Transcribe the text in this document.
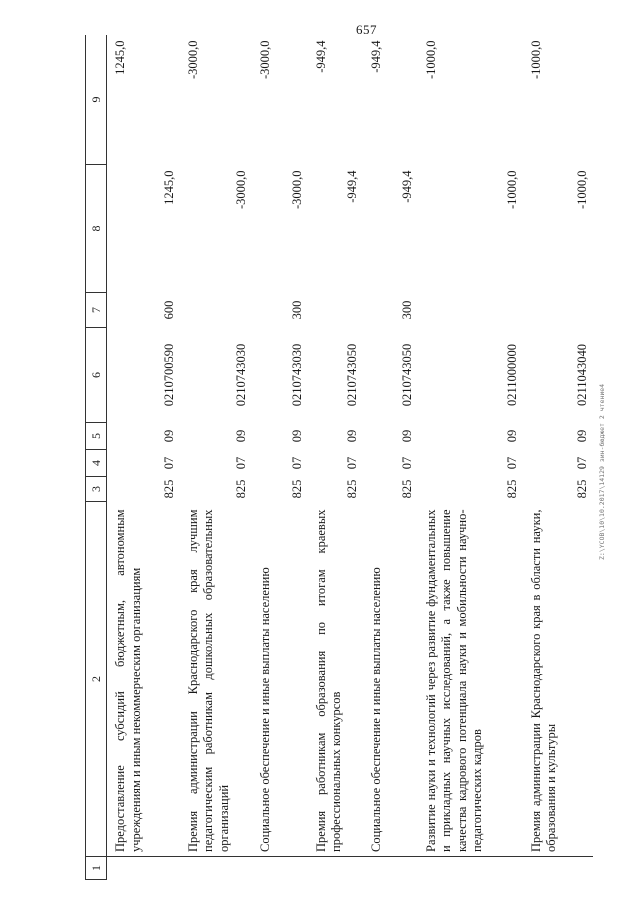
657
Z:\YCOB\10\10.2017\14129 зин-бюджет 2 чтение4
1	2	3	4	5	6	7	8	9
	Предоставление субсидий бюджетным, автономным учреждениям и иным некоммерческим организациям	825	07	09	0210700590	600	1245,0	1245,0
	Премия администрации Краснодарского края лучшим педагогическим работникам дошкольных образовательных организаций	825	07	09	0210743030		-3000,0	-3000,0
	Социальное обеспечение и иные выплаты населению	825	07	09	0210743030	300	-3000,0	-3000,0
	Премия работникам образования по итогам краевых профессиональных конкурсов	825	07	09	0210743050		-949,4	-949,4
	Социальное обеспечение и иные выплаты населению	825	07	09	0210743050	300	-949,4	-949,4
	Развитие науки и технологий через развитие фундаментальных и прикладных научных исследований, а также повышение качества кадрового потенциала науки и мобильности научно-педагогических кадров	825	07	09	0211000000		-1000,0	-1000,0
	Премия администрации Краснодарского края в области науки, образования и культуры	825	07	09	0211043040		-1000,0	-1000,0
